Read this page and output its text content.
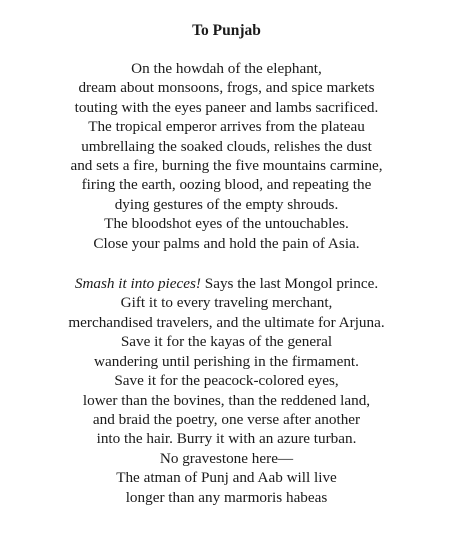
To Punjab

On the howdah of the elephant,
dream about monsoons, frogs, and spice markets
touting with the eyes paneer and lambs sacrificed.
The tropical emperor arrives from the plateau
umbrellaing the soaked clouds, relishes the dust
and sets a fire, burning the five mountains carmine,
firing the earth, oozing blood, and repeating the
dying gestures of the empty shrouds.
The bloodshot eyes of the untouchables.
Close your palms and hold the pain of Asia.

Smash it into pieces! Says the last Mongol prince.
Gift it to every traveling merchant,
merchandised travelers, and the ultimate for Arjuna.
Save it for the kayas of the general
wandering until perishing in the firmament.
Save it for the peacock-colored eyes,
lower than the bovines, than the reddened land,
and braid the poetry, one verse after another
into the hair. Burry it with an azure turban.
No gravestone here—
The atman of Punj and Aab will live
longer than any marmoris habeas
